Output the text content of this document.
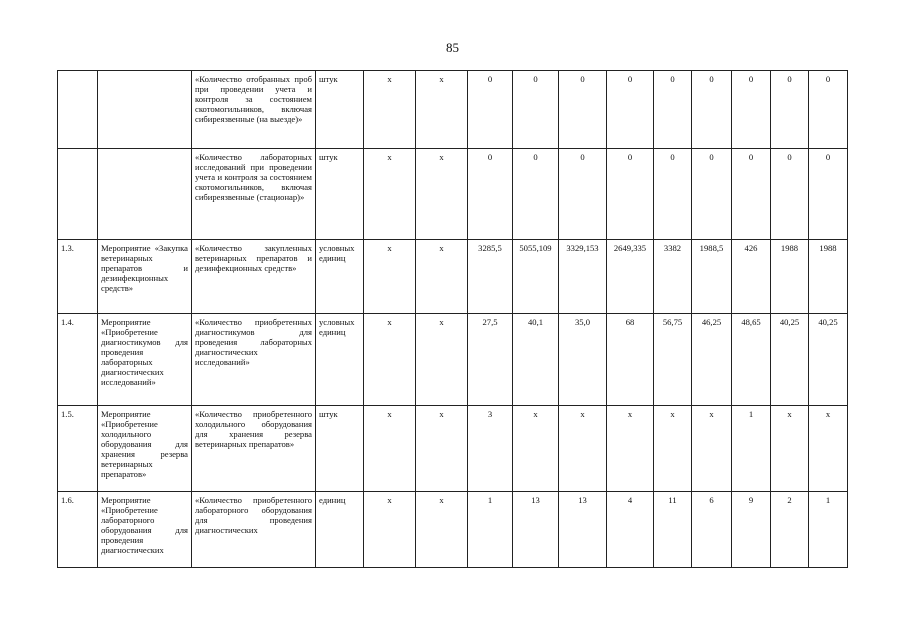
85
		«Количество отобранных проб при проведении учета и контроля за состоянием скотомогильников, включая сибиреязвенные (на выезде)»	штук	x	x	0	0	0	0	0	0	0	0	0
		«Количество лабораторных исследований при проведении учета и контроля за состоянием скотомогильников, включая сибиреязвенные (стационар)»	штук	x	x	0	0	0	0	0	0	0	0	0
1.3.	Мероприятие «Закупка ветеринарных препаратов и дезинфекционных средств»	«Количество закупленных ветеринарных препаратов и дезинфекционных средств»	условных единиц	x	x	3285,5	5055,109	3329,153	2649,335	3382	1988,5	426	1988	1988
1.4.	Мероприятие «Приобретение диагностикумов для проведения лабораторных диагностических исследований»	«Количество приобретенных диагностикумов для проведения лабораторных диагностических исследований»	условных единиц	x	x	27,5	40,1	35,0	68	56,75	46,25	48,65	40,25	40,25
1.5.	Мероприятие «Приобретение холодильного оборудования для хранения резерва ветеринарных препаратов»	«Количество приобретенного холодильного оборудования для хранения резерва ветеринарных препаратов»	штук	x	x	3	x	x	x	x	x	1	x	x
1.6.	Мероприятие «Приобретение лабораторного оборудования для проведения диагностических	«Количество приобретенного лабораторного оборудования для проведения диагностических	единиц	x	x	1	13	13	4	11	6	9	2	1
